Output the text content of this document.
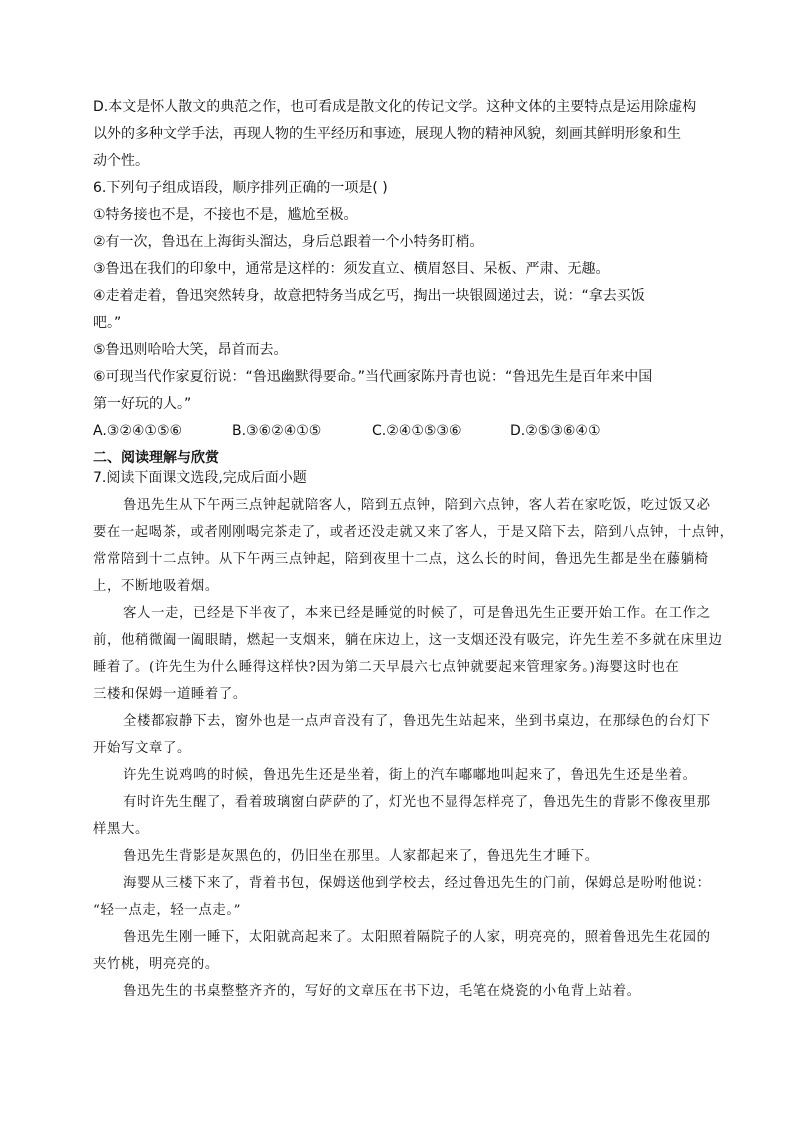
D.本文是怀人散文的典范之作，也可看成是散文化的传记文学。这种文体的主要特点是运用除虚构
以外的多种文学手法，再现人物的生平经历和事迹，展现人物的精神风貌，刻画其鲜明形象和生
动个性。
6.下列句子组成语段，顺序排列正确的一项是( )
①特务接也不是，不接也不是，尴尬至极。
②有一次，鲁迅在上海街头溜达，身后总跟着一个小特务盯梢。
③鲁迅在我们的印象中，通常是这样的：须发直立、横眉怒目、呆板、严肃、无趣。
④走着走着，鲁迅突然转身，故意把特务当成乞丐，掏出一块银圆递过去，说：“拿去买饭
吧。”
⑤鲁迅则哈哈大笑，昂首而去。
⑥可现当代作家夏衍说：“鲁迅幽默得要命。”当代画家陈丹青也说：“鲁迅先生是百年来中国
第一好玩的人。”
A.③②④①⑤⑥	B.③⑥②④①⑤	C.②④①⑤③⑥	D.②⑤③⑥④①
二、阅读理解与欣赏
7.阅读下面课文选段,完成后面小题
鲁迅先生从下午两三点钟起就陪客人，陪到五点钟，陪到六点钟，客人若在家吃饭，吃过饭又必
要在一起喝茶，或者刚刚喝完茶走了，或者还没走就又来了客人，于是又陪下去，陪到八点钟，十点钟，
常常陪到十二点钟。从下午两三点钟起，陪到夜里十二点，这么长的时间，鲁迅先生都是坐在藤躺椅
上，不断地吸着烟。
客人一走，已经是下半夜了，本来已经是睡觉的时候了，可是鲁迅先生正要开始工作。在工作之
前，他稍微阖一阖眼睛，燃起一支烟来，躺在床边上，这一支烟还没有吸完，许先生差不多就在床里边
睡着了。(许先生为什么睡得这样快?因为第二天早晨六七点钟就要起来管理家务。)海婴这时也在
三楼和保姆一道睡着了。
全楼都寂静下去，窗外也是一点声音没有了，鲁迅先生站起来，坐到书桌边，在那绿色的台灯下
开始写文章了。
许先生说鸡鸣的时候，鲁迅先生还是坐着，街上的汽车嘟嘟地叫起来了，鲁迅先生还是坐着。
有时许先生醒了，看着玻璃窗白萨萨的了，灯光也不显得怎样亮了，鲁迅先生的背影不像夜里那
样黑大。
鲁迅先生背影是灰黑色的，仍旧坐在那里。人家都起来了，鲁迅先生才睡下。
海婴从三楼下来了，背着书包，保姆送他到学校去，经过鲁迅先生的门前，保姆总是吩咐他说：
“轻一点走，轻一点走。”
鲁迅先生刚一睡下，太阳就高起来了。太阳照着隔院子的人家，明亮亮的，照着鲁迅先生花园的
夹竹桃，明亮亮的。
鲁迅先生的书桌整整齐齐的，写好的文章压在书下边，毛笔在烧瓷的小龟背上站着。
